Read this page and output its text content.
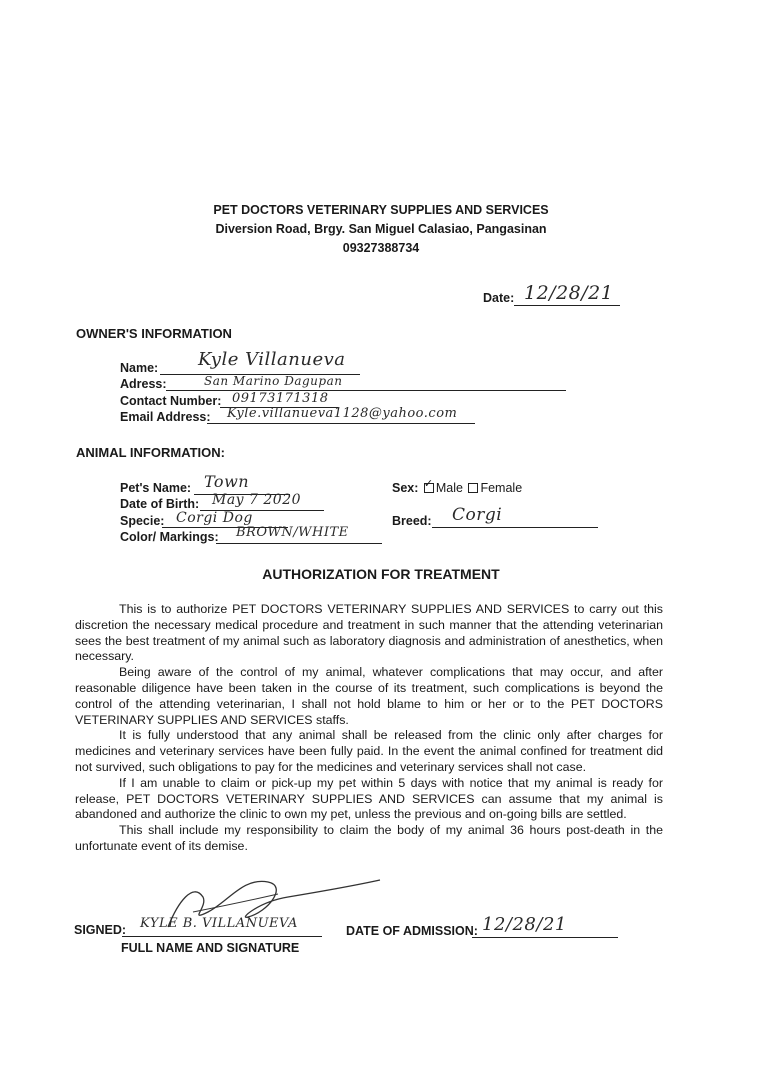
PET DOCTORS VETERINARY SUPPLIES AND SERVICES
Diversion Road, Brgy. San Miguel Calasiao, Pangasinan
09327388734
Date: 12/28/21
OWNER'S INFORMATION
Name: Kyle Villanueva
Adress:	San Marino Dagupan
Contact Number: 09173171318
Email Address: Kyle.villanueva1128@yahoo.com
ANIMAL INFORMATION:
Pet's Name: Town
Date of Birth: May 7 2020
Specie: Corgi Dog
Color/ Markings: BROWN/WHITE
Sex: ✓ Male Female
Breed: Corgi
AUTHORIZATION FOR TREATMENT

This is to authorize PET DOCTORS VETERINARY SUPPLIES AND SERVICES to carry out this discretion the necessary medical procedure and treatment in such manner that the attending veterinarian sees the best treatment of my animal such as laboratory diagnosis and administration of anesthetics, when necessary.

Being aware of the control of my animal, whatever complications that may occur, and after reasonable diligence have been taken in the course of its treatment, such complications is beyond the control of the attending veterinarian, I shall not hold blame to him or her or to the PET DOCTORS VETERINARY SUPPLIES AND SERVICES staffs.

It is fully understood that any animal shall be released from the clinic only after charges for medicines and veterinary services have been fully paid. In the event the animal confined for treatment did not survived, such obligations to pay for the medicines and veterinary services shall not case.

If I am unable to claim or pick-up my pet within 5 days with notice that my animal is ready for release, PET DOCTORS VETERINARY SUPPLIES AND SERVICES can assume that my animal is abandoned and authorize the clinic to own my pet, unless the previous and on-going bills are settled.

This shall include my responsibility to claim the body of my animal 36 hours post-death in the unfortunate event of its demise.

SIGNED: KYLE B. VILLANUEVA
FULL NAME AND SIGNATURE
DATE OF ADMISSION: 12/28/21
